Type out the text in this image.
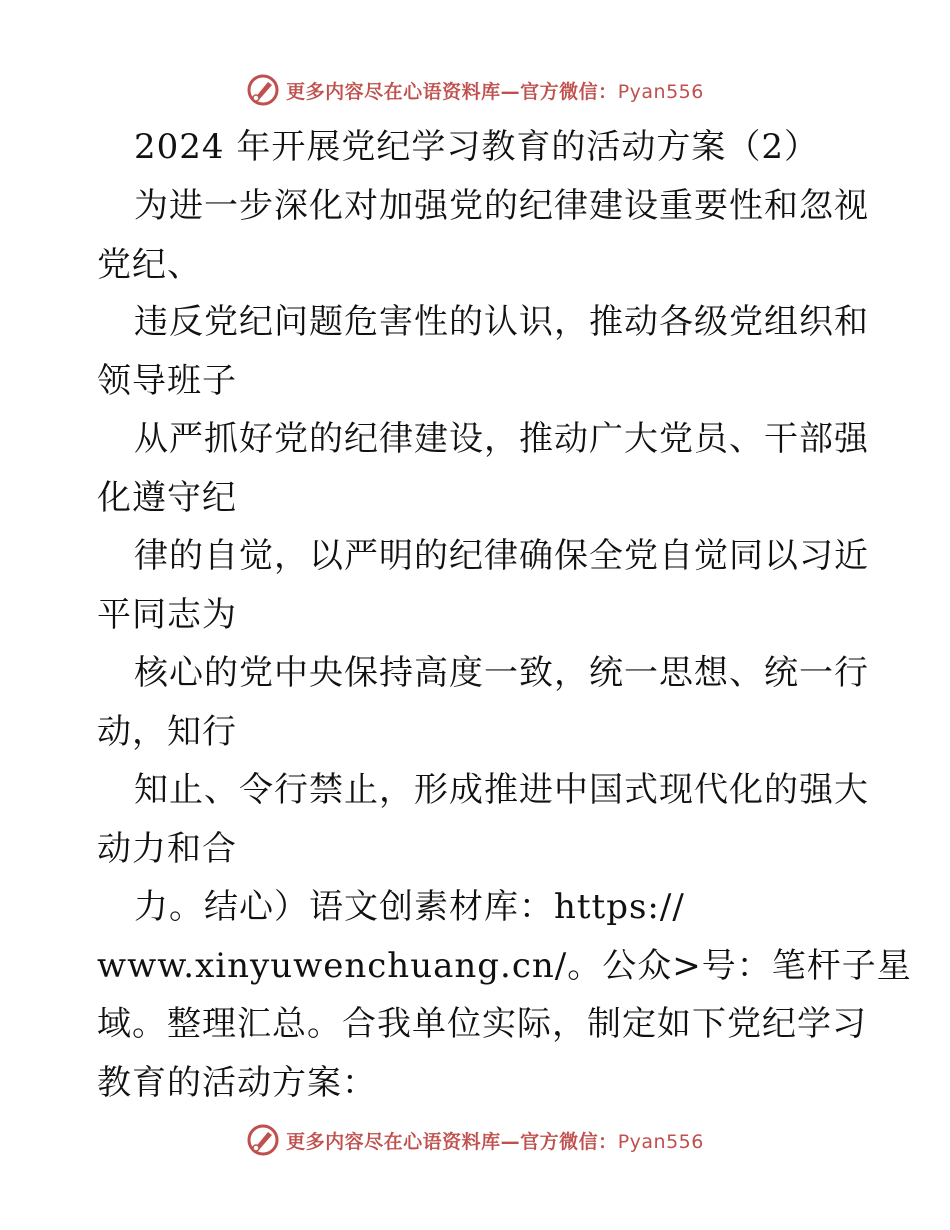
更多内容尽在心语资料库—官方微信：Pyan556
2024 年开展党纪学习教育的活动方案（2）
为进一步深化对加强党的纪律建设重要性和忽视
党纪、
违反党纪问题危害性的认识，推动各级党组织和
领导班子
从严抓好党的纪律建设，推动广大党员、干部强
化遵守纪
律的自觉，以严明的纪律确保全党自觉同以习近
平同志为
核心的党中央保持高度一致，统一思想、统一行
动，知行
知止、令行禁止，形成推进中国式现代化的强大
动力和合
力。结心）语文创素材库：https://
www.xinyuwenchuang.cn/。公众>号：笔杆子星
域。整理汇总。合我单位实际，制定如下党纪学习
教育的活动方案：
更多内容尽在心语资料库—官方微信：Pyan556
